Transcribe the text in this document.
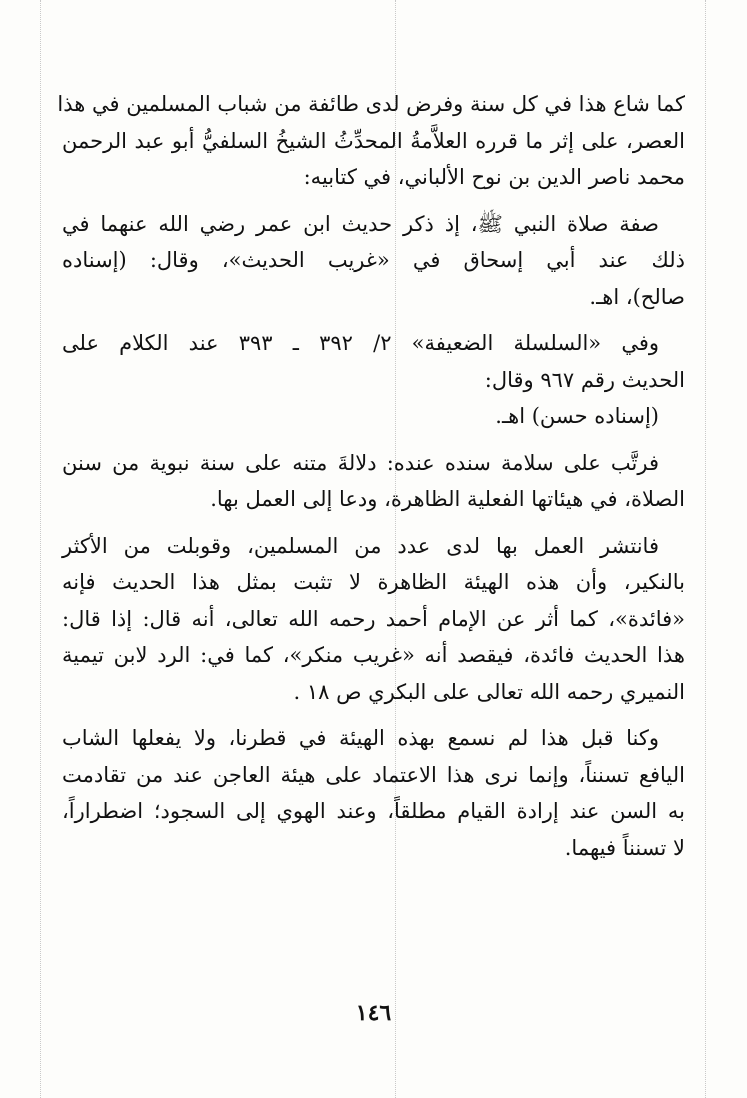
كما شاع هذا في كل سنة وفرض لدى طائفة من شباب المسلمين في هذا
العصر، على إثر ما قرره العلاَّمةُ المحدِّثُ الشيخُ السلفيُّ أبو عبد الرحمن
محمد ناصر الدين بن نوح الألباني، في كتابيه:
صفة صلاة النبي ﷺ، إذ ذكر حديث ابن عمر رضي الله عنهما في
ذلك عند أبي إسحاق في «غريب الحديث»، وقال: (إسناده
صالح)، اهـ.
وفي «السلسلة الضعيفة» ٢/ ٣٩٢ ـ ٣٩٣ عند الكلام على
الحديث رقم ٩٦٧ وقال:
(إسناده حسن) اهـ.
فرتَّب على سلامة سنده عنده: دلالةَ متنه على سنة نبوية من سنن
الصلاة، في هيئاتها الفعلية الظاهرة، ودعا إلى العمل بها.
فانتشر العمل بها لدى عدد من المسلمين، وقوبلت من الأكثر
بالنكير، وأن هذه الهيئة الظاهرة لا تثبت بمثل هذا الحديث فإنه
«فائدة»، كما أثر عن الإمام أحمد رحمه الله تعالى، أنه قال: إذا قال:
هذا الحديث فائدة، فيقصد أنه «غريب منكر»، كما في: الرد لابن تيمية
النميري رحمه الله تعالى على البكري ص ١٨ .
وكنا قبل هذا لم نسمع بهذه الهيئة في قطرنا، ولا يفعلها الشاب
اليافع تسنناً، وإنما نرى هذا الاعتماد على هيئة العاجن عند من تقادمت
به السن عند إرادة القيام مطلقاً، وعند الهوي إلى السجود؛ اضطراراً،
لا تسنناً فيهما.
١٤٦
